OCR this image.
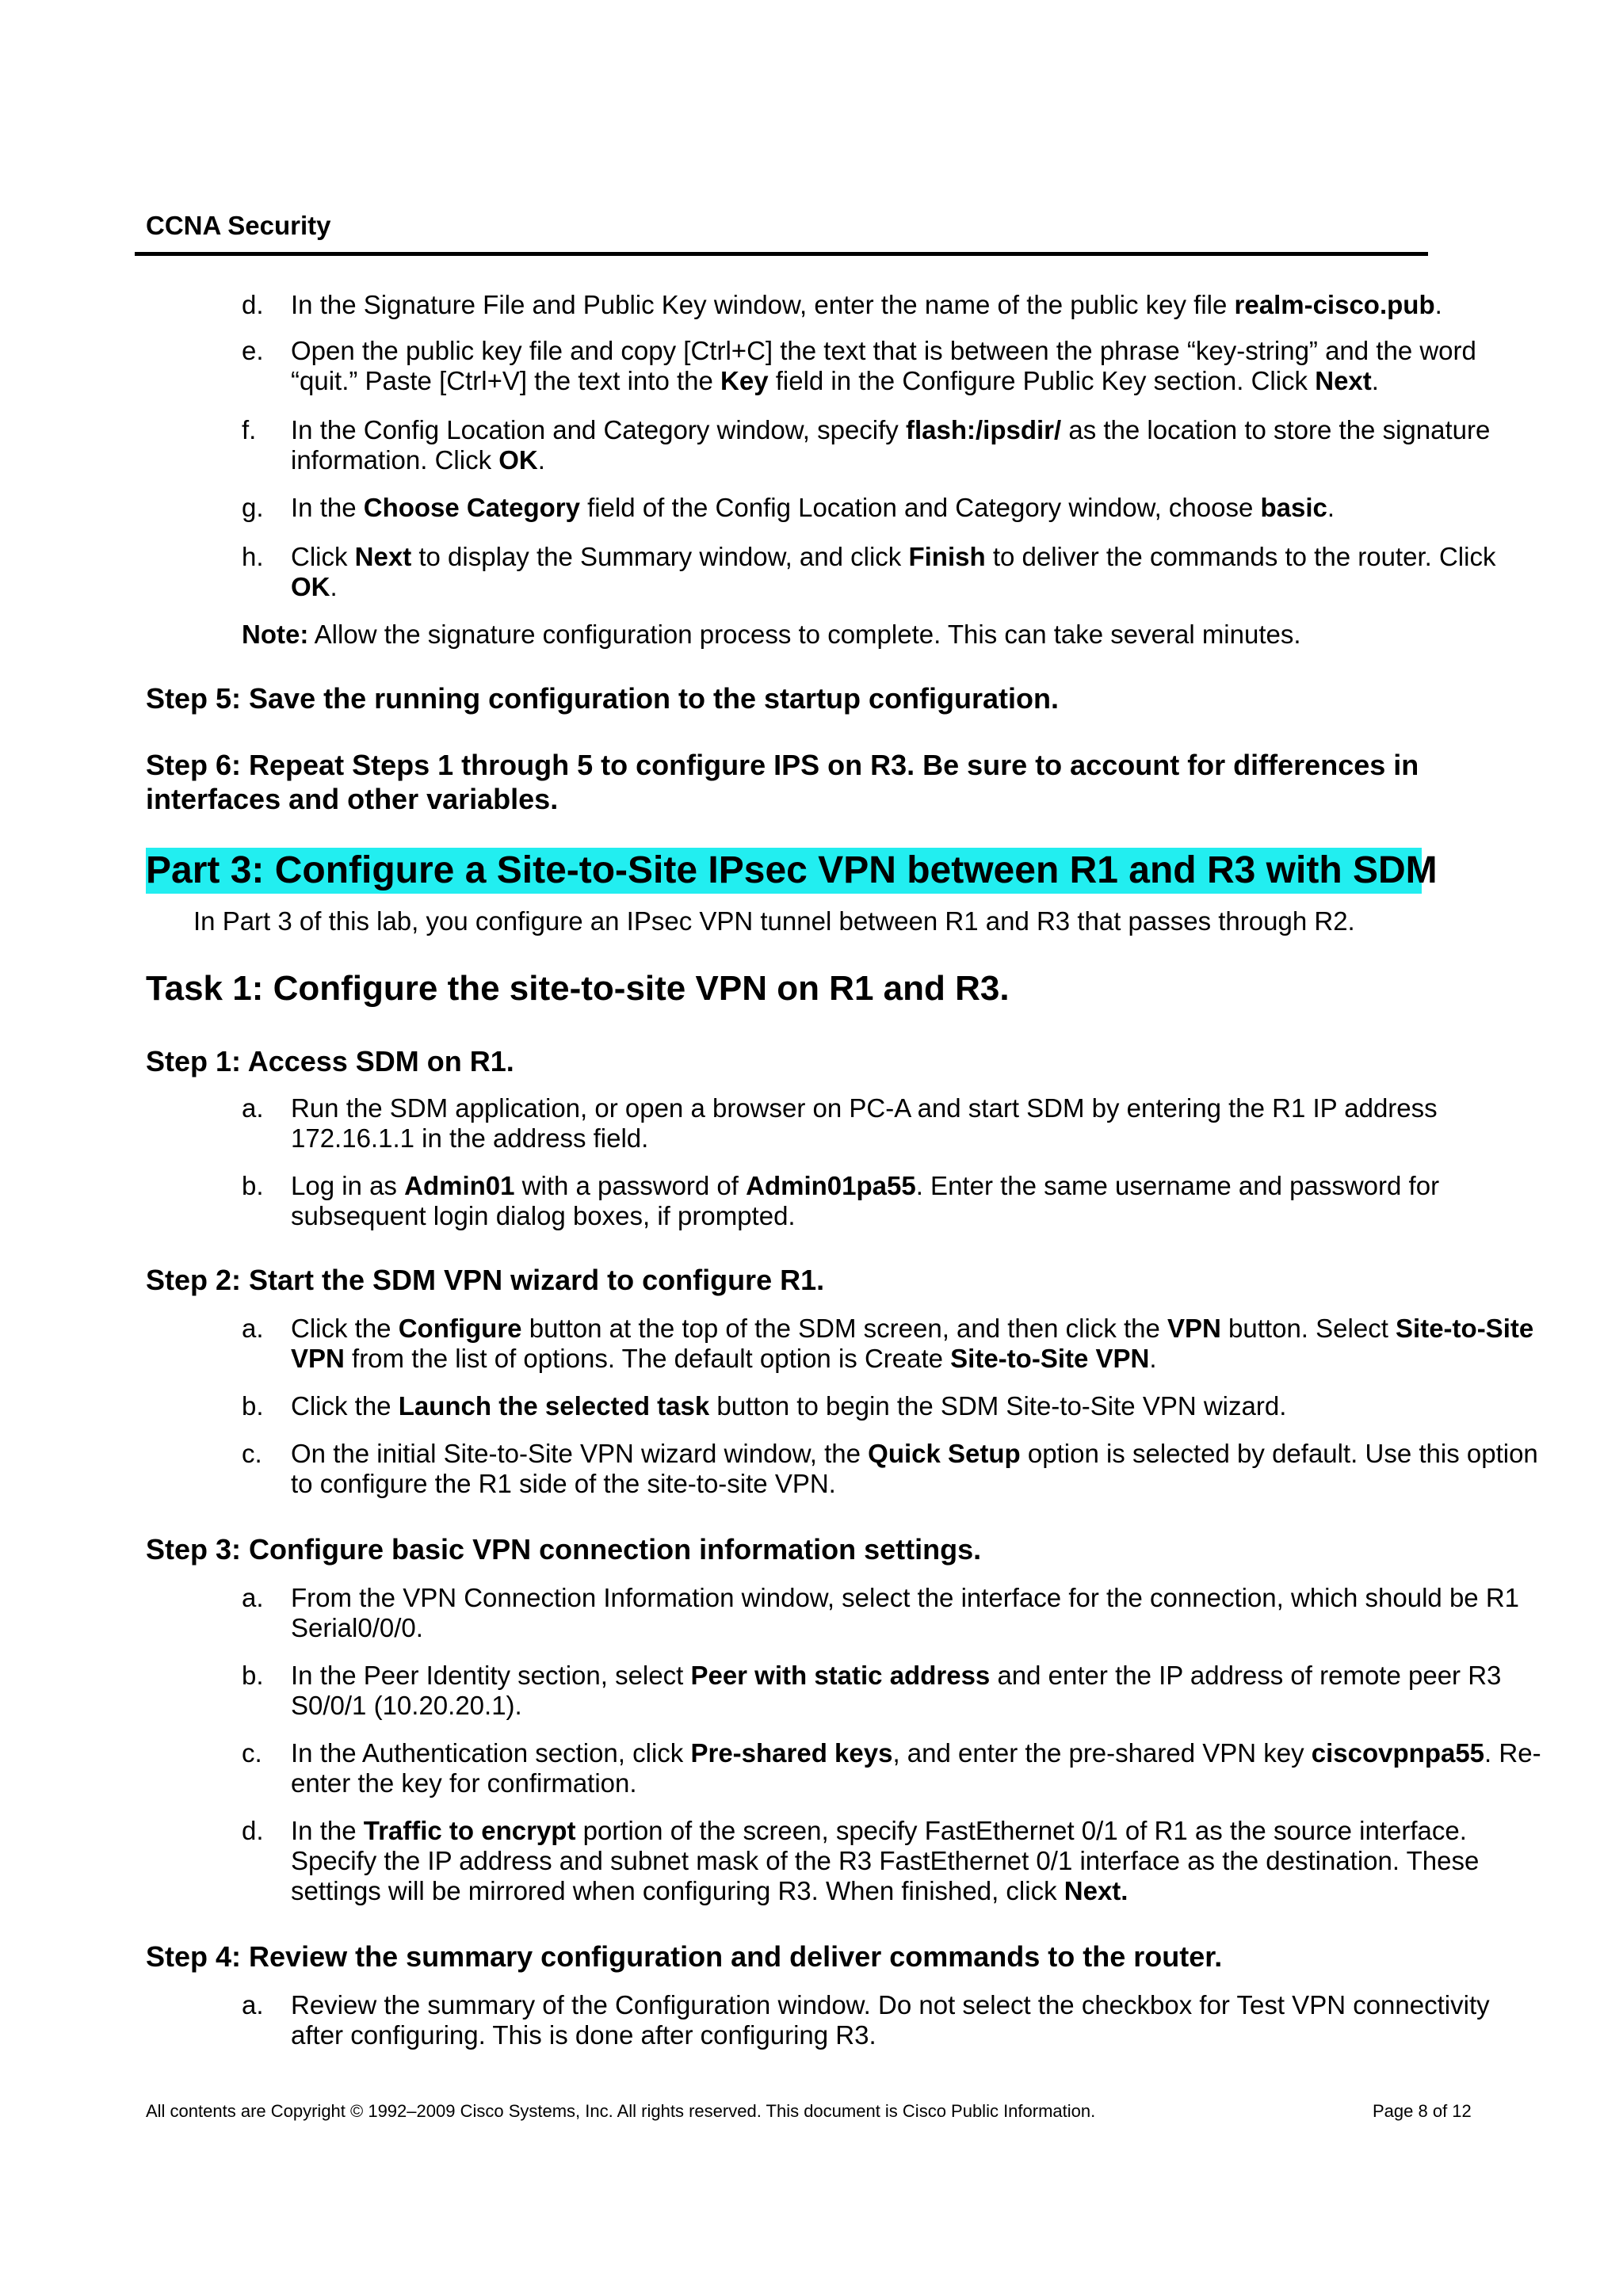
CCNA Security
d. In the Signature File and Public Key window, enter the name of the public key file realm-cisco.pub.
e. Open the public key file and copy [Ctrl+C] the text that is between the phrase “key-string” and the word “quit.” Paste [Ctrl+V] the text into the Key field in the Configure Public Key section. Click Next.
f. In the Config Location and Category window, specify flash:/ipsdir/ as the location to store the signature information. Click OK.
g. In the Choose Category field of the Config Location and Category window, choose basic.
h. Click Next to display the Summary window, and click Finish to deliver the commands to the router. Click OK.
Note: Allow the signature configuration process to complete. This can take several minutes.
Step 5: Save the running configuration to the startup configuration.
Step 6: Repeat Steps 1 through 5 to configure IPS on R3. Be sure to account for differences in interfaces and other variables.
Part 3: Configure a Site-to-Site IPsec VPN between R1 and R3 with SDM
In Part 3 of this lab, you configure an IPsec VPN tunnel between R1 and R3 that passes through R2.
Task 1: Configure the site-to-site VPN on R1 and R3.
Step 1: Access SDM on R1.
a. Run the SDM application, or open a browser on PC-A and start SDM by entering the R1 IP address 172.16.1.1 in the address field.
b. Log in as Admin01 with a password of Admin01pa55. Enter the same username and password for subsequent login dialog boxes, if prompted.
Step 2: Start the SDM VPN wizard to configure R1.
a. Click the Configure button at the top of the SDM screen, and then click the VPN button. Select Site-to-Site VPN from the list of options. The default option is Create Site-to-Site VPN.
b. Click the Launch the selected task button to begin the SDM Site-to-Site VPN wizard.
c. On the initial Site-to-Site VPN wizard window, the Quick Setup option is selected by default. Use this option to configure the R1 side of the site-to-site VPN.
Step 3: Configure basic VPN connection information settings.
a. From the VPN Connection Information window, select the interface for the connection, which should be R1 Serial0/0/0.
b. In the Peer Identity section, select Peer with static address and enter the IP address of remote peer R3 S0/0/1 (10.20.20.1).
c. In the Authentication section, click Pre-shared keys, and enter the pre-shared VPN key ciscovpnpa55. Re-enter the key for confirmation.
d. In the Traffic to encrypt portion of the screen, specify FastEthernet 0/1 of R1 as the source interface. Specify the IP address and subnet mask of the R3 FastEthernet 0/1 interface as the destination. These settings will be mirrored when configuring R3. When finished, click Next.
Step 4: Review the summary configuration and deliver commands to the router.
a. Review the summary of the Configuration window. Do not select the checkbox for Test VPN connectivity after configuring. This is done after configuring R3.
All contents are Copyright © 1992–2009 Cisco Systems, Inc. All rights reserved. This document is Cisco Public Information.	Page 8 of 12
